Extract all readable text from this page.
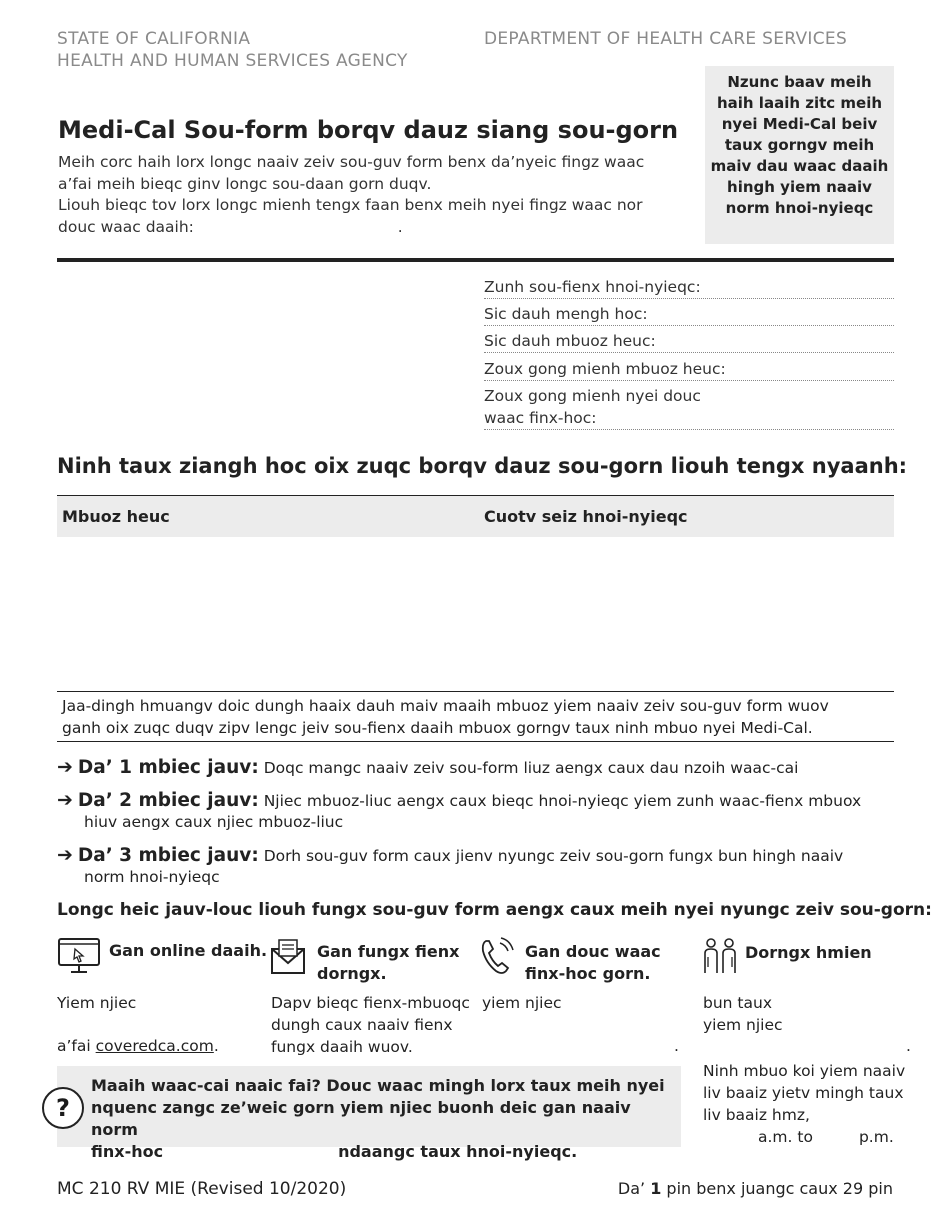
STATE OF CALIFORNIA
HEALTH AND HUMAN SERVICES AGENCY
DEPARTMENT OF HEALTH CARE SERVICES
Nzunc baav meih
haih laaih zitc meih
nyei Medi-Cal beiv
taux gorngv meih
maiv dau waac daaih
hingh yiem naaiv
norm hnoi-nyieqc
Medi-Cal Sou-form borqv dauz siang sou-gorn
Meih corc haih lorx longc naaiv zeiv sou-guv form benx da’nyeic fingz waac
a’fai meih bieqc ginv longc sou-daan gorn duqv.
Liouh bieqc tov lorx longc mienh tengx faan benx meih nyei fingz waac nor
douc waac daaih:	.
Zunh sou-fienx hnoi-nyieqc:
Sic dauh mengh hoc:
Sic dauh mbuoz heuc:
Zoux gong mienh mbuoz heuc:
Zoux gong mienh nyei douc
waac finx-hoc:
Ninh taux ziangh hoc oix zuqc borqv dauz sou-gorn liouh tengx nyaanh:
Mbuoz heuc	Cuotv seiz hnoi-nyieqc
Jaa-dingh hmuangv doic dungh haaix dauh maiv maaih mbuoz yiem naaiv zeiv sou-guv form wuov
ganh oix zuqc duqv zipv lengc jeiv sou-fienx daaih mbuox gorngv taux ninh mbuo nyei Medi-Cal.
➔ Da’ 1 mbiec jauv: Doqc mangc naaiv zeiv sou-form liuz aengx caux dau nzoih waac-cai
➔ Da’ 2 mbiec jauv: Njiec mbuoz-liuc aengx caux bieqc hnoi-nyieqc yiem zunh waac-fienx mbuox
hiuv aengx caux njiec mbuoz-liuc
➔ Da’ 3 mbiec jauv: Dorh sou-guv form caux jienv nyungc zeiv sou-gorn fungx bun hingh naaiv
norm hnoi-nyieqc
Longc heic jauv-louc liouh fungx sou-guv form aengx caux meih nyei nyungc zeiv sou-gorn:
Gan online daaih.
Yiem njiec
a’fai coveredca.com.
Gan fungx fienx
dorngx.
Dapv bieqc fienx-mbuoqc
dungh caux naaiv fienx
fungx daaih wuov.
Gan douc waac
finx-hoc gorn.
yiem njiec
.
Dorngx hmien
bun taux
yiem njiec
.
Ninh mbuo koi yiem naaiv
liv baaiz yietv mingh taux
liv baaiz hmz,
a.m. to	p.m.
?
Maaih waac-cai naaic fai? Douc waac mingh lorx taux meih nyei
nquenc zangc ze’weic gorn yiem njiec buonh deic gan naaiv norm
finx-hoc	ndaangc taux hnoi-nyieqc.
MC 210 RV MIE (Revised 10/2020)	Da’ 1 pin benx juangc caux 29 pin
